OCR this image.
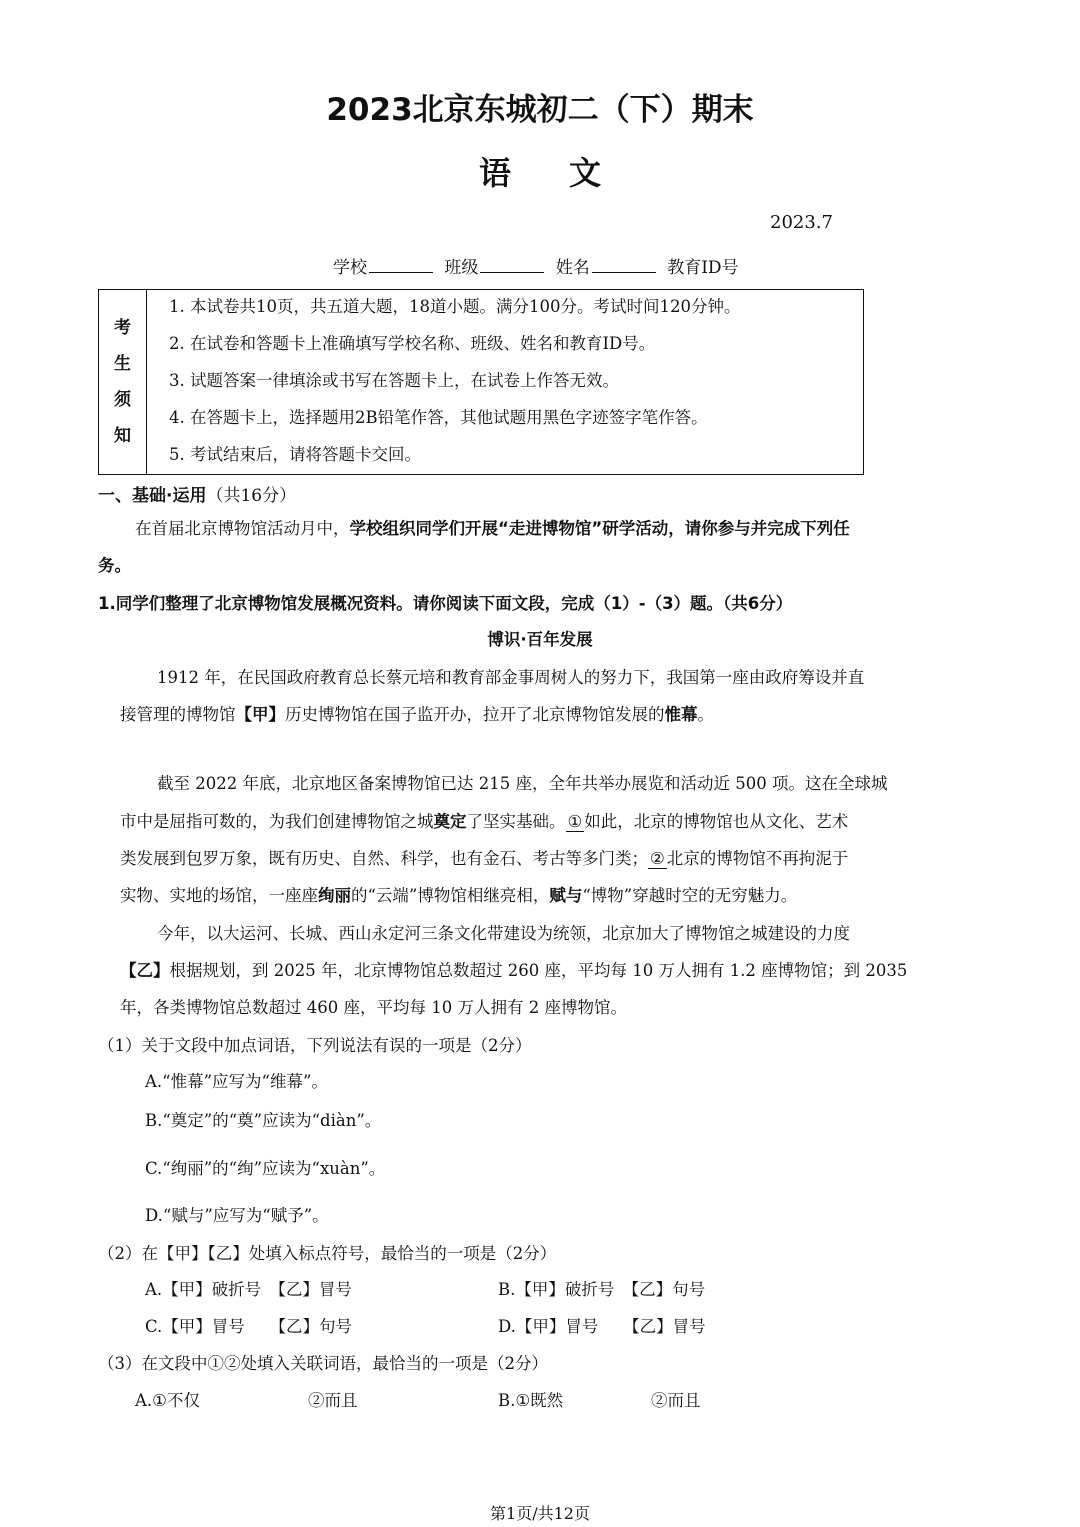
2023北京东城初二（下）期末
语文
2023.7
学校	班级	姓名	教育ID号
考
生
须
知
1. 本试卷共10页，共五道大题，18道小题。满分100分。考试时间120分钟。
2. 在试卷和答题卡上准确填写学校名称、班级、姓名和教育ID号。
3. 试题答案一律填涂或书写在答题卡上，在试卷上作答无效。
4. 在答题卡上，选择题用2B铅笔作答，其他试题用黑色字迹签字笔作答。
5. 考试结束后，请将答题卡交回。
一、基础·运用（共16分）
在首届北京博物馆活动月中，学校组织同学们开展“走进博物馆”研学活动，请你参与并完成下列任
务。
1.同学们整理了北京博物馆发展概况资料。请你阅读下面文段，完成（1）-（3）题。（共6分）
博识·百年发展
1912 年，在民国政府教育总长蔡元培和教育部金事周树人的努力下，我国第一座由政府筹设并直
接管理的博物馆【甲】历史博物馆在国子监开办，拉开了北京博物馆发展的惟幕。
截至 2022 年底，北京地区备案博物馆已达 215 座，全年共举办展览和活动近 500 项。这在全球城
市中是屈指可数的，为我们创建博物馆之城奠定了坚实基础。 ① 如此，北京的博物馆也从文化、艺术
类发展到包罗万象，既有历史、自然、科学，也有金石、考古等多门类； ② 北京的博物馆不再拘泥于
实物、实地的场馆，一座座绚丽的“云端”博物馆相继亮相，赋与“博物”穿越时空的无穷魅力。
今年，以大运河、长城、西山永定河三条文化带建设为统领，北京加大了博物馆之城建设的力度
【乙】根据规划，到 2025 年，北京博物馆总数超过 260 座，平均每 10 万人拥有 1.2 座博物馆；到 2035
年，各类博物馆总数超过 460 座，平均每 10 万人拥有 2 座博物馆。
（1）关于文段中加点词语，下列说法有误的一项是（2分）
A.“惟幕”应写为“维幕”。
B.“奠定”的“奠”应读为“diàn”。
C.“绚丽”的“绚”应读为“xuàn”。
D.“赋与”应写为“赋予”。
（2）在【甲】【乙】处填入标点符号，最恰当的一项是（2分）
A.【甲】破折号　【乙】冒号	B.【甲】破折号　【乙】句号
C.【甲】冒号　　【乙】句号	D.【甲】冒号　　【乙】冒号
（3）在文段中①②处填入关联词语，最恰当的一项是（2分）
A.①不仅	②而且	B.①既然	②而且
第1页/共12页
